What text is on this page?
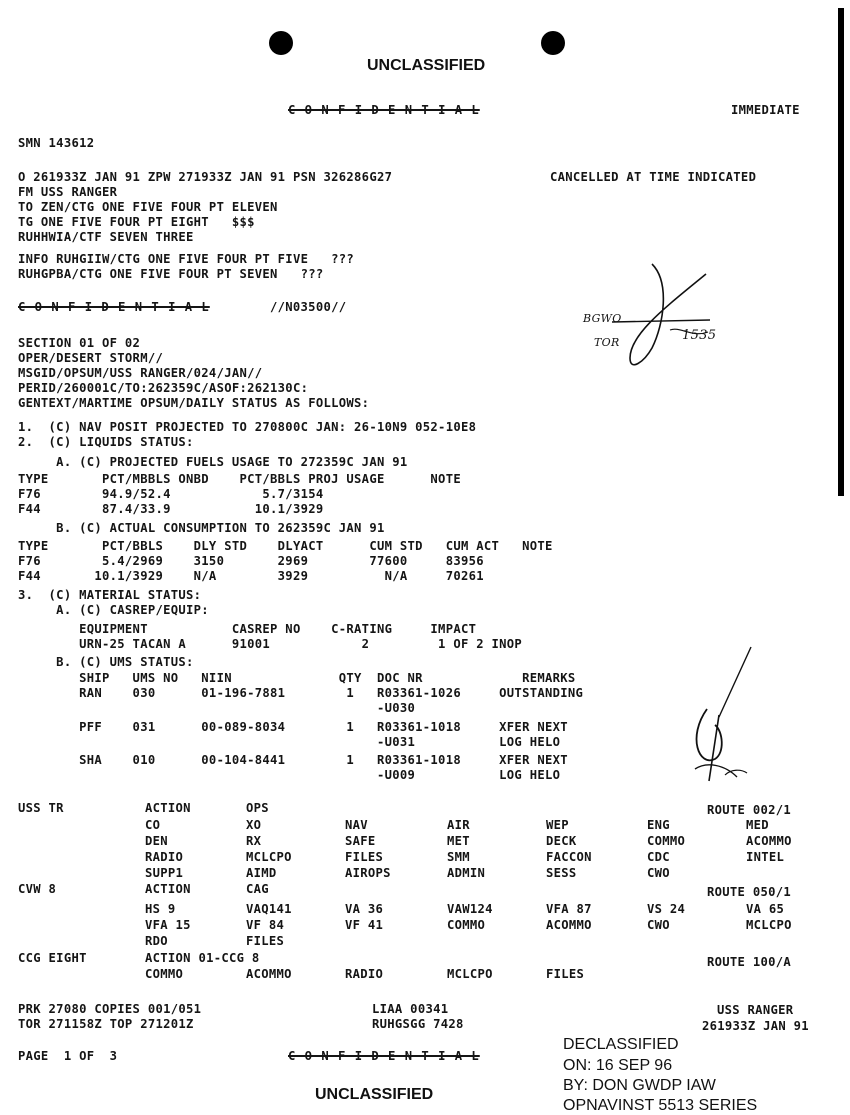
UNCLASSIFIED
C O N F I D E N T I A L	IMMEDIATE
SMN 143612
O 261933Z JAN 91 ZPW 271933Z JAN 91 PSN 326286G27	CANCELLED AT TIME INDICATED
FM USS RANGER
TO ZEN/CTG ONE FIVE FOUR PT ELEVEN
TG ONE FIVE FOUR PT EIGHT   $$$
RUHHWIA/CTF SEVEN THREE
INFO RUHGIIW/CTG ONE FIVE FOUR PT FIVE   ???
RUHGPBA/CTG ONE FIVE FOUR PT SEVEN   ???
C O N F I D E N T I A L	//N03500//
BGWO
TOR	1535
SECTION 01 OF 02
OPER/DESERT STORM//
MSGID/OPSUM/USS RANGER/024/JAN//
PERID/260001C/TO:262359C/ASOF:262130C:
GENTEXT/MARTIME OPSUM/DAILY STATUS AS FOLLOWS:
1.  (C) NAV POSIT PROJECTED TO 270800C JAN: 26-10N9 052-10E8
2.  (C) LIQUIDS STATUS:
A. (C) PROJECTED FUELS USAGE TO 272359C JAN 91
TYPE       PCT/MBBLS ONBD    PCT/BBLS PROJ USAGE      NOTE
F76        94.9/52.4            5.7/3154
F44        87.4/33.9           10.1/3929
B. (C) ACTUAL CONSUMPTION TO 262359C JAN 91
TYPE       PCT/BBLS    DLY STD    DLYACT      CUM STD   CUM ACT   NOTE
F76        5.4/2969    3150       2969        77600     83956
F44       10.1/3929    N/A        3929          N/A     70261
3.  (C) MATERIAL STATUS:
A. (C) CASREP/EQUIP:
EQUIPMENT           CASREP NO    C-RATING     IMPACT
URN-25 TACAN A      91001            2         1 OF 2 INOP
B. (C) UMS STATUS:
SHIP   UMS NO   NIIN              QTY  DOC NR             REMARKS
RAN    030      01-196-7881        1   R03361-1026     OUTSTANDING
-U030
PFF    031      00-089-8034        1   R03361-1018     XFER NEXT
-U031           LOG HELO
SHA    010      00-104-8441        1   R03361-1018     XFER NEXT
-U009           LOG HELO
USS TR	ROUTE 002/1
ACTION	OPS
CO	XO	NAV	AIR	WEP	ENG	MED
DEN	RX	SAFE	MET	DECK	COMMO	ACOMMO
RADIO	MCLCPO	FILES	SMM	FACCON	CDC	INTEL
SUPP1	AIMD	AIROPS	ADMIN	SESS	CWO
CVW 8	ROUTE 050/1
ACTION	CAG
HS 9	VAQ141	VA 36	VAW124	VFA 87	VS 24	VA 65
VFA 15	VF 84	VF 41	COMMO	ACOMMO	CWO	MCLCPO
RDO	FILES
CCG EIGHT	ROUTE 100/A
ACTION 01-CCG 8
COMMO	ACOMMO	RADIO	MCLCPO	FILES
PRK 27080 COPIES 001/051
TOR 271158Z TOP 271201Z
LIAA 00341
RUHGSGG 7428
USS RANGER
261933Z JAN 91
PAGE  1 OF  3	C O N F I D E N T I A L
UNCLASSIFIED
DECLASSIFIED
ON: 16 SEP 96
BY: DON GWDP IAW
OPNAVINST 5513 SERIES
